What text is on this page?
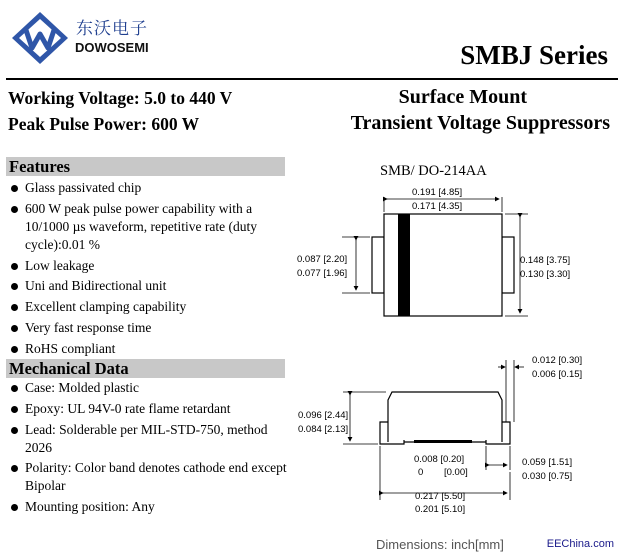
东沃电子
DOWOSEMI	SMBJ Series
Working Voltage: 5.0 to 440 V
Peak Pulse Power: 600 W
Surface Mount
Transient Voltage Suppressors
Features
Glass passivated chip
600 W peak pulse power capability with a 10/1000 µs waveform, repetitive rate (duty cycle):0.01 %
Low leakage
Uni and Bidirectional unit
Excellent clamping capability
Very fast response time
RoHS compliant
Mechanical Data
Case: Molded plastic
Epoxy: UL 94V-0 rate flame retardant
Lead: Solderable per MIL-STD-750, method 2026
Polarity: Color band denotes cathode end except Bipolar
Mounting position: Any
SMB/ DO-214AA
0.191 [4.85]
0.171 [4.35]
0.087 [2.20]
0.077 [1.96]
0.148 [3.75]
0.130 [3.30]
0.012 [0.30]
0.006 [0.15]
0.096 [2.44]
0.084 [2.13]
0.008 [0.20]
0 [0.00]
0.059 [1.51]
0.030 [0.75]
0.217 [5.50]
0.201 [5.10]
Dimensions: inch[mm]	EEChina.com
